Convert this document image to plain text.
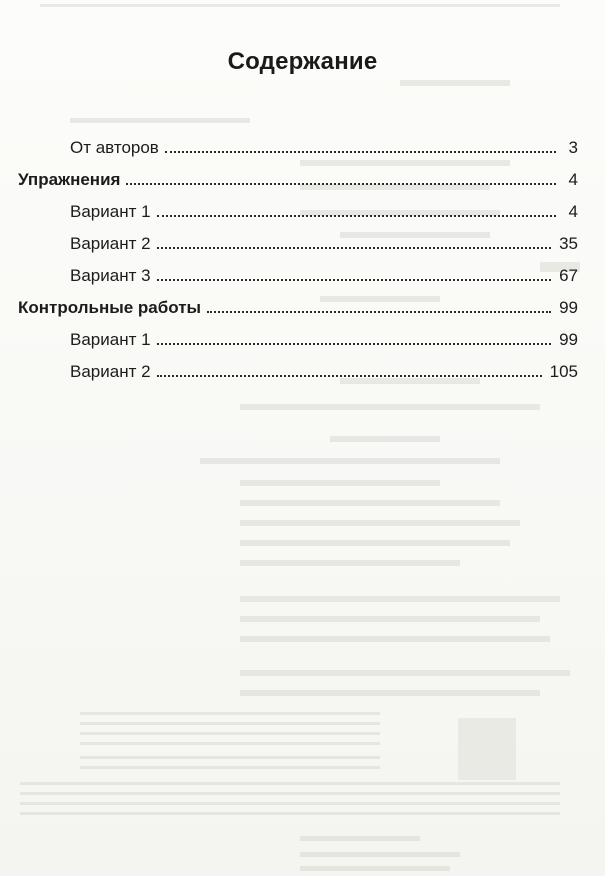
Содержание
От авторов	3
Упражнения	4
Вариант 1	4
Вариант 2	35
Вариант 3	67
Контрольные работы	99
Вариант 1	99
Вариант 2	105
